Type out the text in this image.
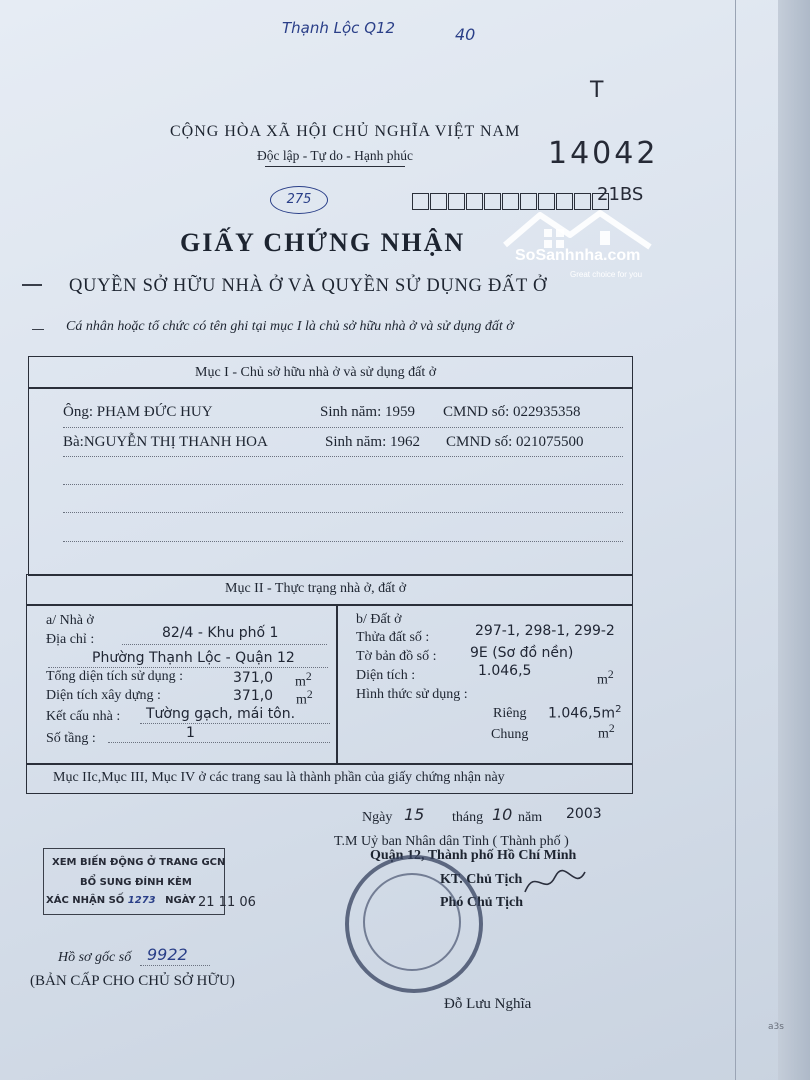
Thạnh Lộc Q12	40
T
14042
21BS
CỘNG HÒA XÃ HỘI CHỦ NGHĨA VIỆT NAM
Độc lập - Tự do - Hạnh phúc
275
SoSanhnha.com
Great choice for you
GIẤY CHỨNG NHẬN
QUYỀN SỞ HỮU NHÀ Ở VÀ QUYỀN SỬ DỤNG ĐẤT Ở
Cá nhân hoặc tổ chức có tên ghi tại mục I là chủ sở hữu nhà ở và sử dụng đất ở
Mục I - Chủ sở hữu nhà ở và sử dụng đất ở
Ông: PHẠM ĐỨC HUY	Sinh năm: 1959 CMND số: 022935358
Bà:NGUYỄN THỊ THANH HOA	Sinh năm: 1962 CMND số: 021075500
Mục II - Thực trạng nhà ở, đất ở
a/ Nhà ở
Địa chỉ :	82/4 - Khu phố 1
Phường Thạnh Lộc - Quận 12
Tổng diện tích sử dụng :	371,0 $m^2$
Diện tích xây dựng :	371,0 $m^2$
Kết cấu nhà : Tường gạch, mái tôn.
Số tầng :	1
b/ Đất ở
Thửa đất số :	297-1, 298-1, 299-2
Tờ bản đồ số : 9E (Sơ đồ nền)
Diện tích :	1.046,5
$m^2$
Hình thức sử dụng :
Riêng $1.046,5m^2$
Chung	$m^2$
Mục IIc,Mục III, Mục IV ở các trang sau là thành phần của giấy chứng nhận này
Ngày 15 tháng 10 năm 2003
T.M Uỷ ban Nhân dân Tỉnh ( Thành phố )
Quận 12, Thành phố Hồ Chí Minh
KT. Chủ Tịch
Phó Chủ Tịch
Đỗ Lưu Nghĩa
XEM BIẾN ĐỘNG Ở TRANG GCN
BỔ SUNG ĐÍNH KÈM
XÁC NHẬN SỐ 1273 NGÀY 21 11 06
Hồ sơ gốc số 9922
(BẢN CẤP CHO CHỦ SỞ HỮU)
a3s
